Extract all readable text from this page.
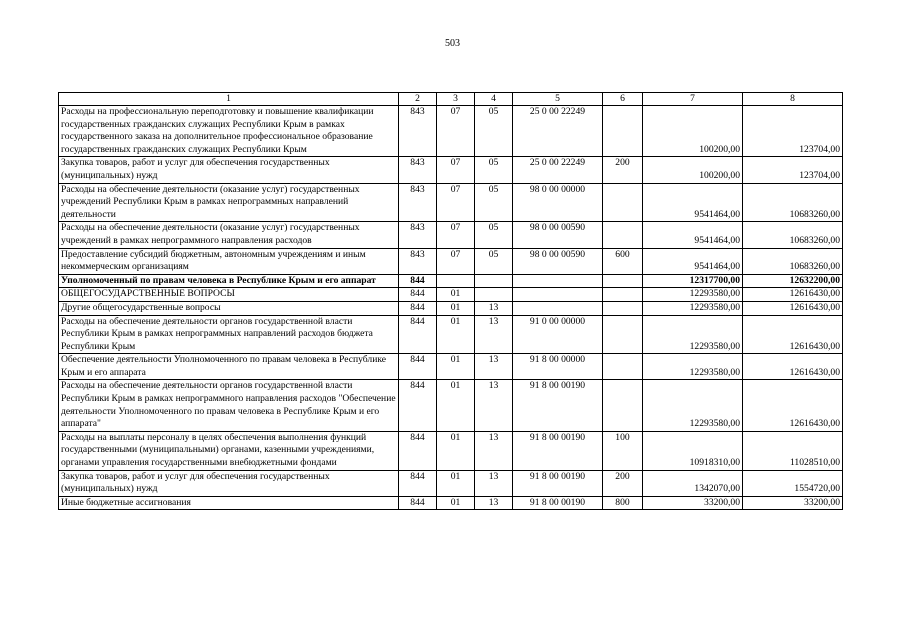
503
1	2	3	4	5	6	7	8
Расходы на профессиональную переподготовку и повышение квалификации государственных гражданских служащих Республики Крым в рамках государственного заказа на дополнительное профессиональное образование государственных гражданских служащих Республики Крым	843	07	05	25 0 00 22249		100200,00	123704,00
Закупка товаров, работ и услуг для обеспечения государственных (муниципальных) нужд	843	07	05	25 0 00 22249	200	100200,00	123704,00
Расходы на обеспечение деятельности (оказание услуг) государственных учреждений Республики Крым в рамках непрограммных направлений деятельности	843	07	05	98 0 00 00000		9541464,00	10683260,00
Расходы на обеспечение деятельности (оказание услуг) государственных учреждений в рамках непрограммного направления расходов	843	07	05	98 0 00 00590		9541464,00	10683260,00
Предоставление субсидий бюджетным, автономным учреждениям и иным некоммерческим организациям	843	07	05	98 0 00 00590	600	9541464,00	10683260,00
Уполномоченный по правам человека в Республике Крым и его аппарат	844					12317700,00	12632200,00
ОБЩЕГОСУДАРСТВЕННЫЕ ВОПРОСЫ	844	01				12293580,00	12616430,00
Другие общегосударственные вопросы	844	01	13			12293580,00	12616430,00
Расходы на обеспечение деятельности органов государственной власти Республики Крым в рамках непрограммных направлений расходов бюджета Республики Крым	844	01	13	91 0 00 00000		12293580,00	12616430,00
Обеспечение деятельности Уполномоченного по правам человека в Республике Крым и его аппарата	844	01	13	91 8 00 00000		12293580,00	12616430,00
Расходы на обеспечение деятельности органов государственной власти Республики Крым в рамках непрограммного направления расходов "Обеспечение деятельности Уполномоченного по правам человека в Республике Крым и его аппарата"	844	01	13	91 8 00 00190		12293580,00	12616430,00
Расходы на выплаты персоналу в целях обеспечения выполнения функций государственными (муниципальными) органами, казенными учреждениями, органами управления государственными внебюджетными фондами	844	01	13	91 8 00 00190	100	10918310,00	11028510,00
Закупка товаров, работ и услуг для обеспечения государственных (муниципальных) нужд	844	01	13	91 8 00 00190	200	1342070,00	1554720,00
Иные бюджетные ассигнования	844	01	13	91 8 00 00190	800	33200,00	33200,00
